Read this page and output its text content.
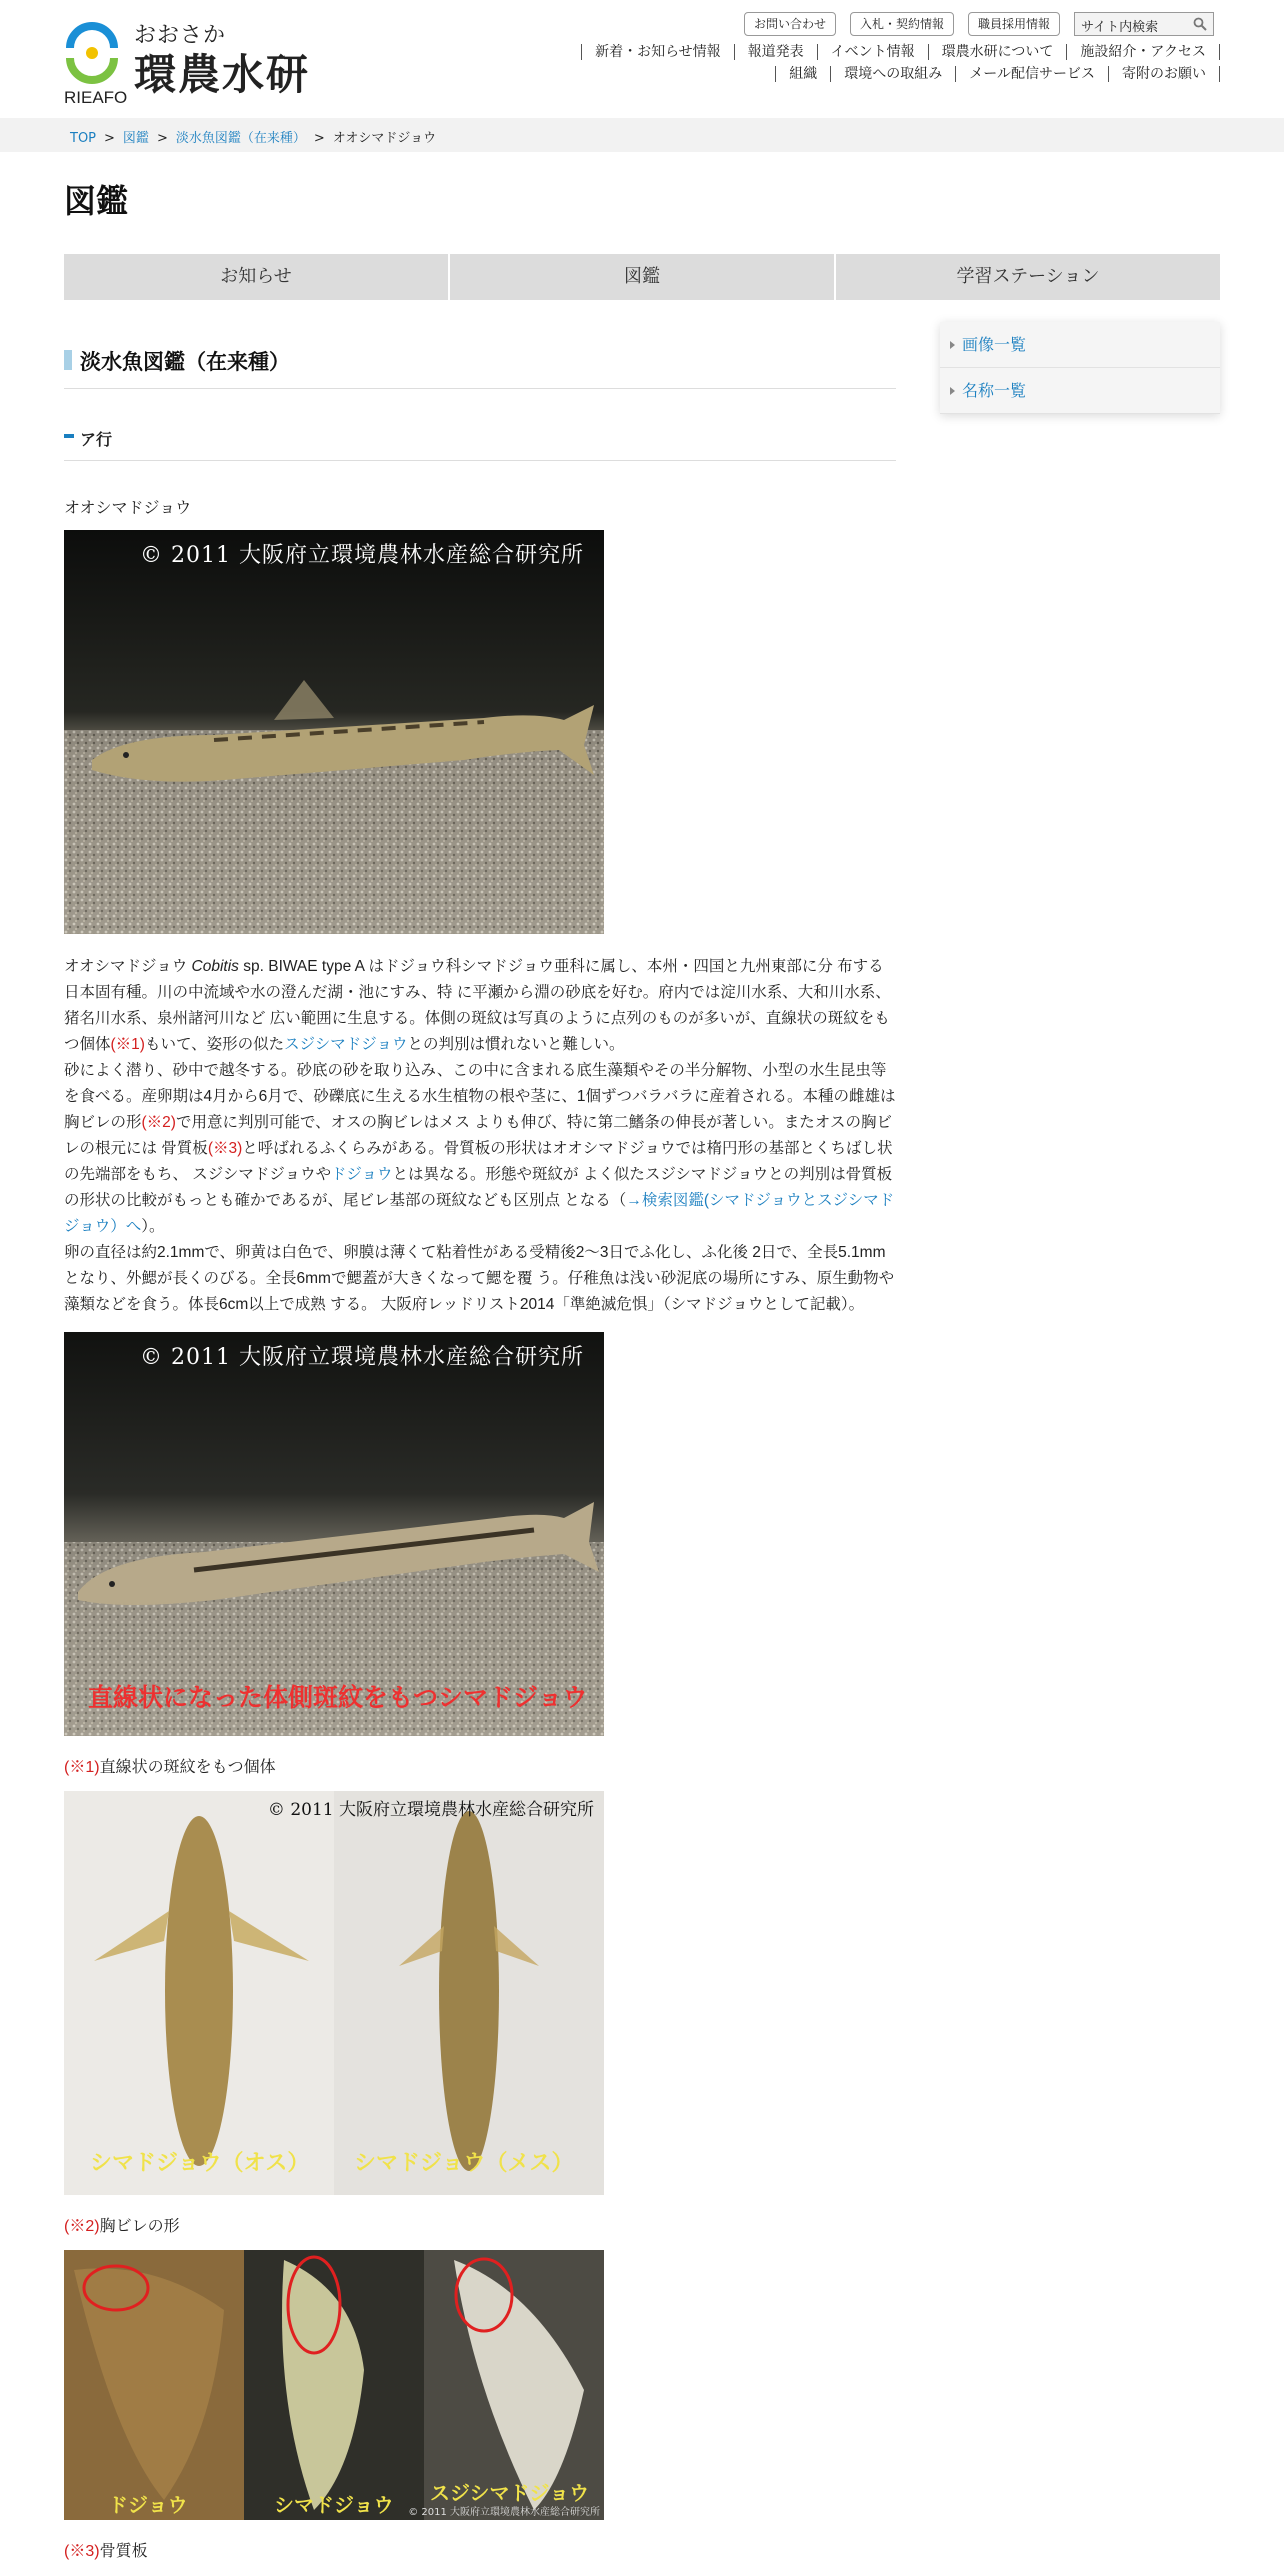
おおさか
環農水研
RIEAFO
お問い合わせ	入札・契約情報	職員採用情報	サイト内検索
新着・お知らせ情報	報道発表	イベント情報	環農水研について	施設紹介・アクセス
組織	環境への取組み	メール配信サービス	寄附のお願い
TOP > 図鑑 > 淡水魚図鑑（在来種） > オオシマドジョウ
図鑑
お知らせ	図鑑	学習ステーション
画像一覧
名称一覧
淡水魚図鑑（在来種）
ア行
オオシマドジョウ
© 2011 大阪府立環境農林水産総合研究所

オオシマドジョウ Cobitis sp. BIWAE type A はドジョウ科シマドジョウ亜科に属し、本州・四国と九州東部に分 布する日本固有種。川の中流域や水の澄んだ湖・池にすみ、特 に平瀬から淵の砂底を好む。府内では淀川水系、大和川水系、猪名川水系、泉州諸河川など 広い範囲に生息する。体側の斑紋は写真のように点列のものが多いが、直線状の斑紋をもつ個体(※1)もいて、姿形の似たスジシマドジョウとの判別は慣れないと難しい。

砂によく潜り、砂中で越冬する。砂底の砂を取り込み、この中に含まれる底生藻類やその半分解物、小型の水生昆虫等を食べる。産卵期は4月から6月で、砂礫底に生える水生植物の根や茎に、1個ずつバラバラに産着される。本種の雌雄は胸ビレの形(※2)で用意に判別可能で、オスの胸ビレはメス よりも伸び、特に第二鰭条の伸長が著しい。またオスの胸ビレの根元には 骨質板(※3)と呼ばれるふくらみがある。骨質板の形状はオオシマドジョウでは楕円形の基部とくちばし状の先端部をもち、 スジシマドジョウやドジョウとは異なる。形態や斑紋が よく似たスジシマドジョウとの判別は骨質板の形状の比較がもっとも確かであるが、尾ビレ基部の斑紋なども区別点 となる（→検索図鑑(シマドジョウとスジシマドジョウ）へ）。

卵の直径は約2.1mmで、卵黄は白色で、卵膜は薄くて粘着性がある受精後2～3日でふ化し、ふ化後 2日で、全長5.1mmとなり、外鰓が長くのびる。全長6mmで鰓蓋が大きくなって鰓を覆 う。仔稚魚は浅い砂泥底の場所にすみ、原生動物や藻類などを食う。体長6cm以上で成熟 する。 大阪府レッドリスト2014「準絶滅危惧」（シマドジョウとして記載）。

© 2011 大阪府立環境農林水産総合研究所
直線状になった体側斑紋をもつシマドジョウ
(※1)直線状の斑紋をもつ個体
© 2011 大阪府立環境農林水産総合研究所
シマドジョウ（オス） シマドジョウ（メス）
(※2)胸ビレの形
ドジョウ	シマドジョウ スジシマドジョウ
© 2011 大阪府立環境農林水産総合研究所
(※3)骨質板
